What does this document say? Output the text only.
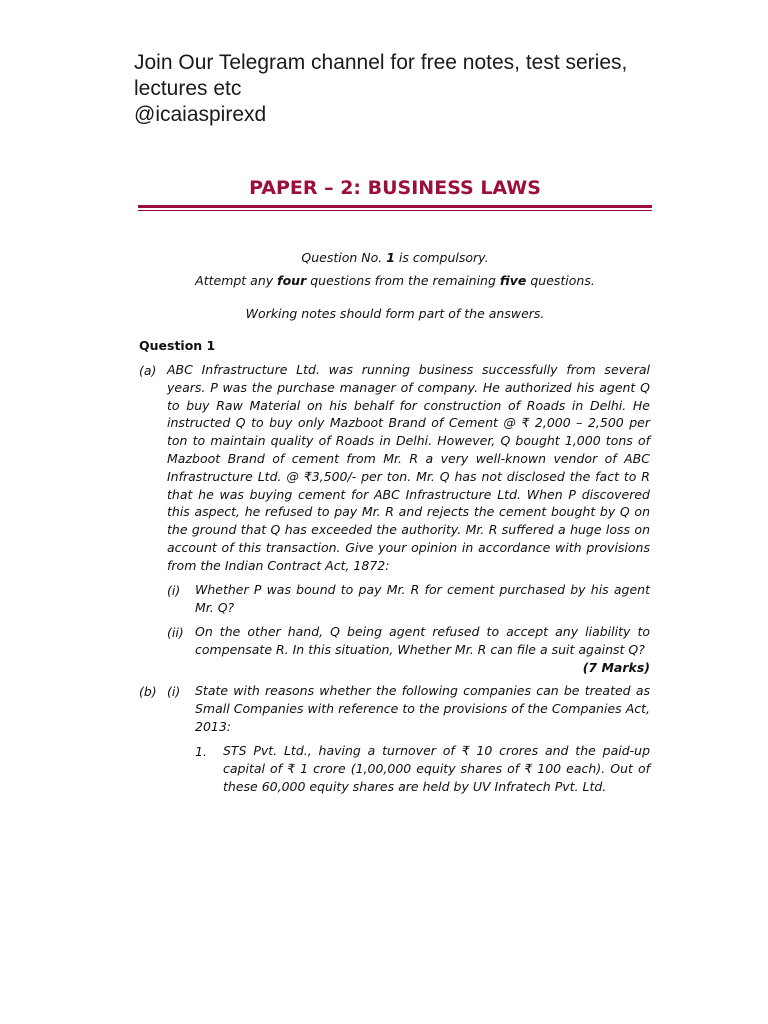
Join Our Telegram channel for free notes, test series,
lectures etc
@icaiaspirexd
PAPER – 2: BUSINESS LAWS
Question No. 1 is compulsory.
Attempt any four questions from the remaining five questions.
Working notes should form part of the answers.
Question 1
(a) ABC Infrastructure Ltd. was running business successfully from several years. P was the purchase manager of company. He authorized his agent Q to buy Raw Material on his behalf for construction of Roads in Delhi. He instructed Q to buy only Mazboot Brand of Cement @ ₹ 2,000 – 2,500 per ton to maintain quality of Roads in Delhi. However, Q bought 1,000 tons of Mazboot Brand of cement from Mr. R a very well-known vendor of ABC Infrastructure Ltd. @ ₹3,500/- per ton. Mr. Q has not disclosed the fact to R that he was buying cement for ABC Infrastructure Ltd. When P discovered this aspect, he refused to pay Mr. R and rejects the cement bought by Q on the ground that Q has exceeded the authority. Mr. R suffered a huge loss on account of this transaction. Give your opinion in accordance with provisions from the Indian Contract Act, 1872:
(i) Whether P was bound to pay Mr. R for cement purchased by his agent Mr. Q?
(ii) On the other hand, Q being agent refused to accept any liability to compensate R. In this situation, Whether Mr. R can file a suit against Q?
(7 Marks)
(b) (i) State with reasons whether the following companies can be treated as Small Companies with reference to the provisions of the Companies Act, 2013:
1. STS Pvt. Ltd., having a turnover of ₹ 10 crores and the paid-up capital of ₹ 1 crore (1,00,000 equity shares of ₹ 100 each). Out of these 60,000 equity shares are held by UV Infratech Pvt. Ltd.
